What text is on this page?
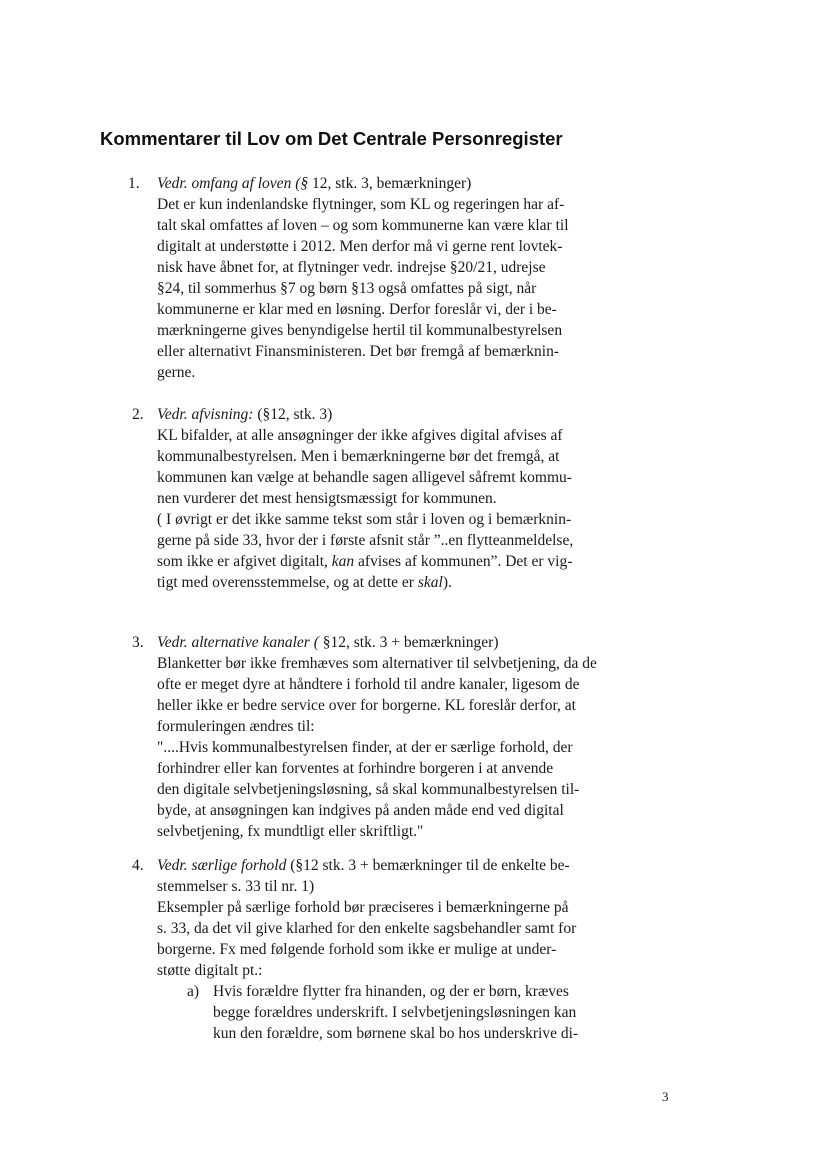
Kommentarer til Lov om Det Centrale Personregister
1. Vedr. omfang af loven (§ 12, stk. 3, bemærkninger)
Det er kun indenlandske flytninger, som KL og regeringen har af-
talt skal omfattes af loven – og som kommunerne kan være klar til
digitalt at understøtte i 2012. Men derfor må vi gerne rent lovtek-
nisk have åbnet for, at flytninger vedr. indrejse §20/21, udrejse
§24, til sommerhus §7 og børn §13 også omfattes på sigt, når
kommunerne er klar med en løsning. Derfor foreslår vi, der i be-
mærkningerne gives benyndigelse hertil til kommunalbestyrelsen
eller alternativt Finansministeren. Det bør fremgå af bemærknin-
gerne.
2. Vedr. afvisning: (§12, stk. 3)
KL bifalder, at alle ansøgninger der ikke afgives digital afvises af
kommunalbestyrelsen. Men i bemærkningerne bør det fremgå, at
kommunen kan vælge at behandle sagen alligevel såfremt kommu-
nen vurderer det mest hensigtsmæssigt for kommunen.
( I øvrigt er det ikke samme tekst som står i loven og i bemærknin-
gerne på side 33, hvor der i første afsnit står ”..en flytteanmeldelse,
som ikke er afgivet digitalt, kan afvises af kommunen”. Det er vig-
tigt med overensstemmelse, og at dette er skal).
3. Vedr. alternative kanaler ( §12, stk. 3 + bemærkninger)
Blanketter bør ikke fremhæves som alternativer til selvbetjening, da de
ofte er meget dyre at håndtere i forhold til andre kanaler, ligesom de
heller ikke er bedre service over for borgerne. KL foreslår derfor, at
formuleringen ændres til:
"....Hvis kommunalbestyrelsen finder, at der er særlige forhold, der
forhindrer eller kan forventes at forhindre borgeren i at anvende
den digitale selvbetjeningsløsning, så skal kommunalbestyrelsen til-
byde, at ansøgningen kan indgives på anden måde end ved digital
selvbetjening, fx mundtligt eller skriftligt."
4. Vedr. særlige forhold (§12 stk. 3 + bemærkninger til de enkelte be-
stemmelser s. 33 til nr. 1)
Eksempler på særlige forhold bør præciseres i bemærkningerne på
s. 33, da det vil give klarhed for den enkelte sagsbehandler samt for
borgerne. Fx med følgende forhold som ikke er mulige at under-
støtte digitalt pt.:
a) Hvis forældre flytter fra hinanden, og der er børn, kræves
begge forældres underskrift. I selvbetjeningsløsningen kan
kun den forældre, som børnene skal bo hos underskrive di-
3
